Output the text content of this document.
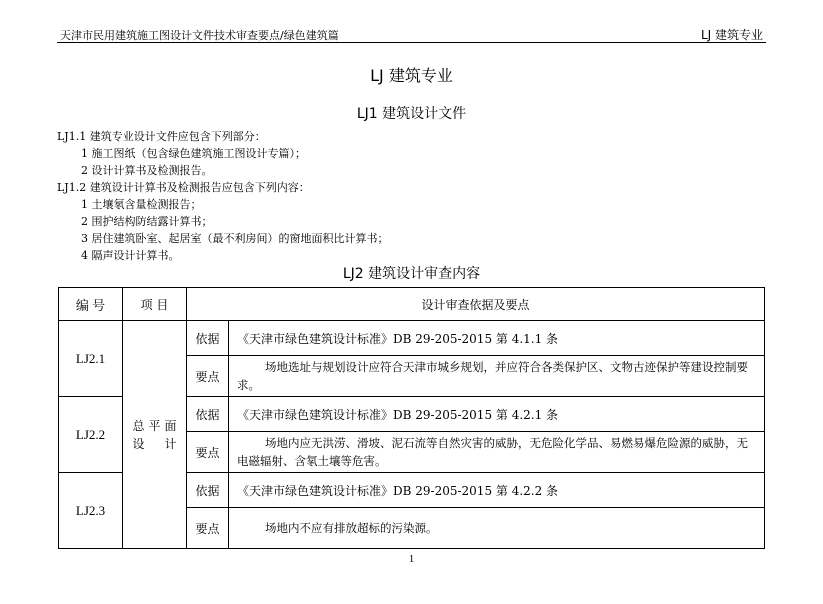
天津市民用建筑施工图设计文件技术审查要点/绿色建筑篇	LJ 建筑专业
LJ 建筑专业
LJ1 建筑设计文件
LJ1.1 建筑专业设计文件应包含下列部分：
1 施工图纸（包含绿色建筑施工图设计专篇）；
2 设计计算书及检测报告。
LJ1.2 建筑设计计算书及检测报告应包含下列内容：
1 土壤氡含量检测报告；
2 围护结构防结露计算书；
3 居住建筑卧室、起居室（最不利房间）的窗地面积比计算书；
4 隔声设计计算书。
LJ2 建筑设计审查内容
编 号	项 目	设计审查依据及要点	
LJ2.1	总 平 面 设 计	依据	《天津市绿色建筑设计标准》DB 29-205-2015 第 4.1.1 条
		要点	场地选址与规划设计应符合天津市城乡规划，并应符合各类保护区、文物古迹保护等建设控制要求。

LJ2.2		依据	《天津市绿色建筑设计标准》DB 29-205-2015 第 4.2.1 条
		要点	场地内应无洪涝、滑坡、泥石流等自然灾害的威胁，无危险化学品、易燃易爆危险源的威胁，无电磁辐射、含氡土壤等危害。

LJ2.3		依据	《天津市绿色建筑设计标准》DB 29-205-2015 第 4.2.2 条
		要点	场地内不应有排放超标的污染源。
1
